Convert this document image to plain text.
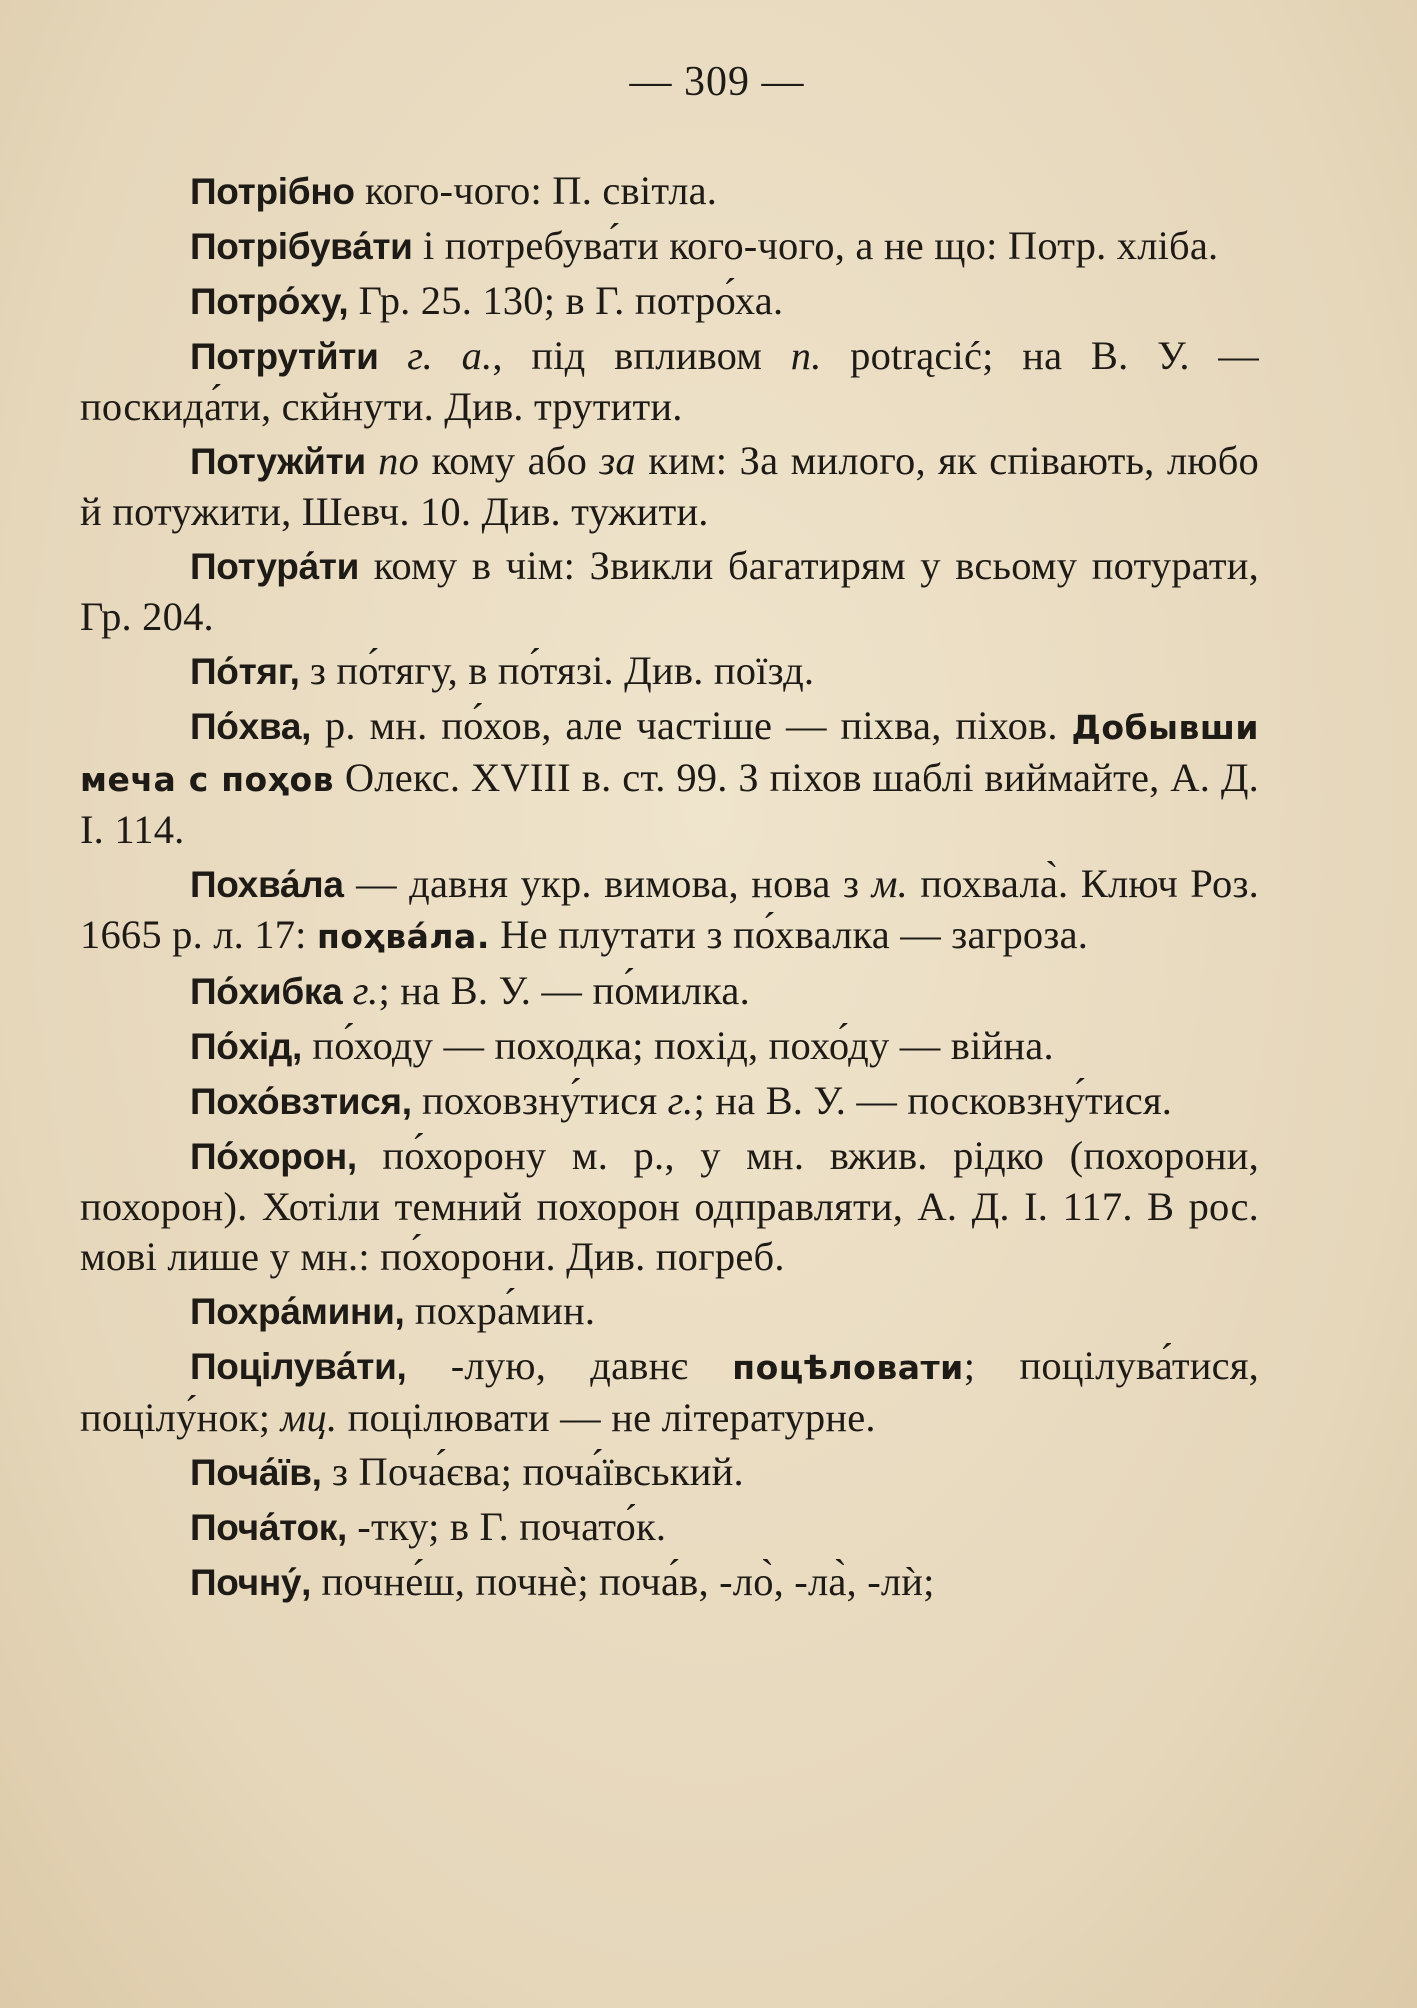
— 309 —

Потрібно кого-чого: П. світла.

Потрібува́ти і потребува́ти кого-чого, а не що: Потр. хліба.

Потро́ху, Гр. 25. 130; в Г. потро́ха.

Потрутйти г. а., під впливом п. potrąсіć; на В. У. — поскида́ти, скйнути. Див. трутити.

Потужйти по кому або за ким: За милого, як співають, любо й потужити, Шевч. 10. Див. тужити.

Потура́ти кому в чім: Звикли багатирям у всьому потурати, Гр. 204.

По́тяг, з по́тягу, в по́тязі. Див. поїзд.

По́хва, р. мн. по́хов, але частіше — піхва, піхов. Добывши меча с поҳов Олекс. XVIII в. ст. 99. З піхов шаблі виймайте, А. Д. І. 114.

Похва́ла — давня укр. вимова, нова з м. похвала̀. Ключ Роз. 1665 р. л. 17: поҳва́ла. Не плутати з по́хвалка — загроза.

По́хибка г.; на В. У. — по́милка.

По́хід, по́ходу — походка; похід, похо́ду — війна.

Похо́взтися, поховзну́тися г.; на В. У. — посковзну́тися.

По́хорон, по́хорону м. р., у мн. вжив. рідко (похорони, похорон). Хотіли темний похорон одправляти, А. Д. І. 117. В рос. мові лише у мн.: по́хорони. Див. погреб.

Похра́мини, похра́мин.

Поцілува́ти, -лую, давнє поцѣловати; поцілува́тися, поцілу́нок; мц. поцілювати — не літературне.

Поча́їв, з Поча́єва; поча́ївський.

Поча́ток, -тку; в Г. почато́к.

Почну́, почне́ш, почнѐ; поча́в, -ло̀, -ла̀, -лѝ;
